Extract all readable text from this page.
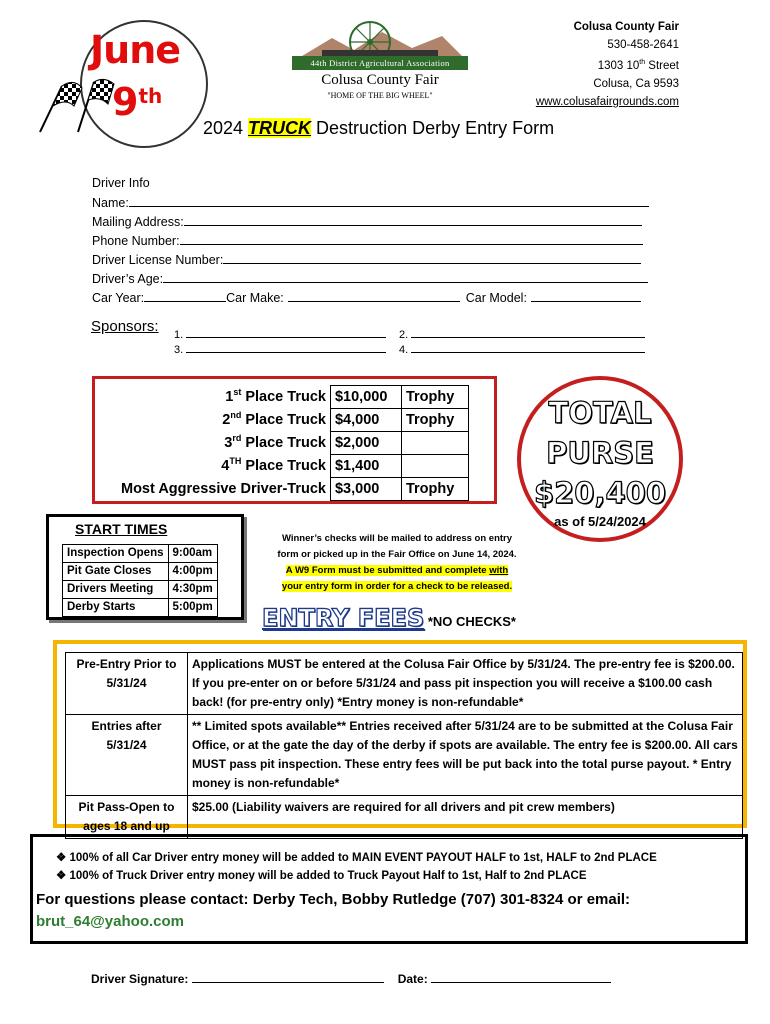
June
9th
44th District Agricultural Association
Colusa County Fair
"HOME OF THE BIG WHEEL"
Colusa County Fair
530-458-2641
1303 10th Street
Colusa, Ca 9593
www.colusafairgrounds.com
2024 TRUCK Destruction Derby Entry Form
Driver Info
Name:
Mailing Address:
Phone Number:
Driver License Number:
Driver’s Age:
Car Year:	Car Make:	Car Model:
Sponsors: 1.	2.
3.	4.
1st Place Truck	$10,000	Trophy
2nd Place Truck	$4,000	Trophy
3rd Place Truck	$2,000	
4TH Place Truck	$1,400	
Most Aggressive Driver-Truck	$3,000	Trophy
TOTAL
PURSE
$20,400
as of 5/24/2024
START TIMES
Inspection Opens	9:00am
Pit Gate Closes	4:00pm
Drivers Meeting	4:30pm
Derby Starts	5:00pm
Winner’s checks will be mailed to address on entry
form or picked up in the Fair Office on June 14, 2024.
A W9 Form must be submitted and complete with
your entry form in order for a check to be released.
ENTRY FEES *NO CHECKS*
Pre-Entry Prior to 5/31/24	Applications MUST be entered at the Colusa Fair Office by 5/31/24. The pre-entry fee is $200.00. If you pre-enter on or before 5/31/24 and pass pit inspection you will receive a $100.00 cash back! (for pre-entry only) *Entry money is non-refundable*
Entries after 5/31/24	** Limited spots available** Entries received after 5/31/24 are to be submitted at the Colusa Fair Office, or at the gate the day of the derby if spots are available. The entry fee is $200.00. All cars MUST pass pit inspection. These entry fees will be put back into the total purse payout. * Entry money is non-refundable*
Pit Pass-Open to ages 18 and up	$25.00 (Liability waivers are required for all drivers and pit crew members)
❖ 100% of all Car Driver entry money will be added to MAIN EVENT PAYOUT HALF to 1st, HALF to 2nd PLACE
❖ 100% of Truck Driver entry money will be added to Truck Payout Half to 1st, Half to 2nd PLACE
For questions please contact: Derby Tech, Bobby Rutledge (707) 301-8324 or email:
brut_64@yahoo.com
Driver Signature:	Date:
